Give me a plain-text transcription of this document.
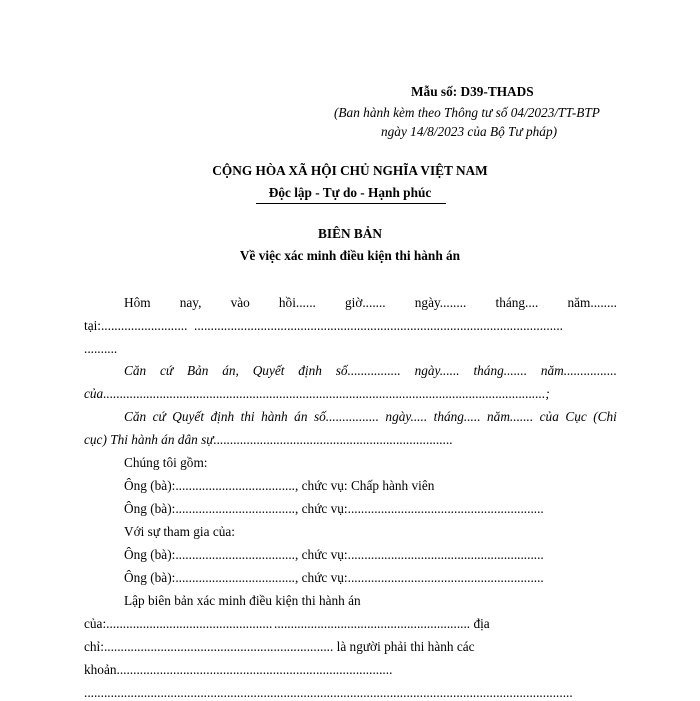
Mẫu số: D39-THADS
(Ban hành kèm theo Thông tư số 04/2023/TT-BTP
ngày 14/8/2023 của Bộ Tư pháp)
CỘNG HÒA XÃ HỘI CHỦ NGHĨA VIỆT NAM
Độc lập - Tự do - Hạnh phúc
BIÊN BẢN
Về việc xác minh điều kiện thi hành án
Hôm nay, vào hồi...... giờ....... ngày........ tháng.... năm........
tại:.......................... ...............................................................................................................
..........
Căn cứ Bản án, Quyết định số................ ngày...... tháng....... năm................
của.....................................................................................................................................;
Căn cứ Quyết định thi hành án số................ ngày..... tháng..... năm....... của Cục (Chi
cục) Thi hành án dân sự........................................................................
Chúng tôi gồm:
Ông (bà):...................................., chức vụ: Chấp hành viên
Ông (bà):...................................., chức vụ:...........................................................
Với sự tham gia của:
Ông (bà):...................................., chức vụ:...........................................................
Ông (bà):...................................., chức vụ:...........................................................
Lập biên bản xác minh điều kiện thi hành án
của:.................................................. ........................................................... địa
chỉ:..................................................................... là người phải thi hành các
khoản...................................................................................
...................................................................................................................................................
